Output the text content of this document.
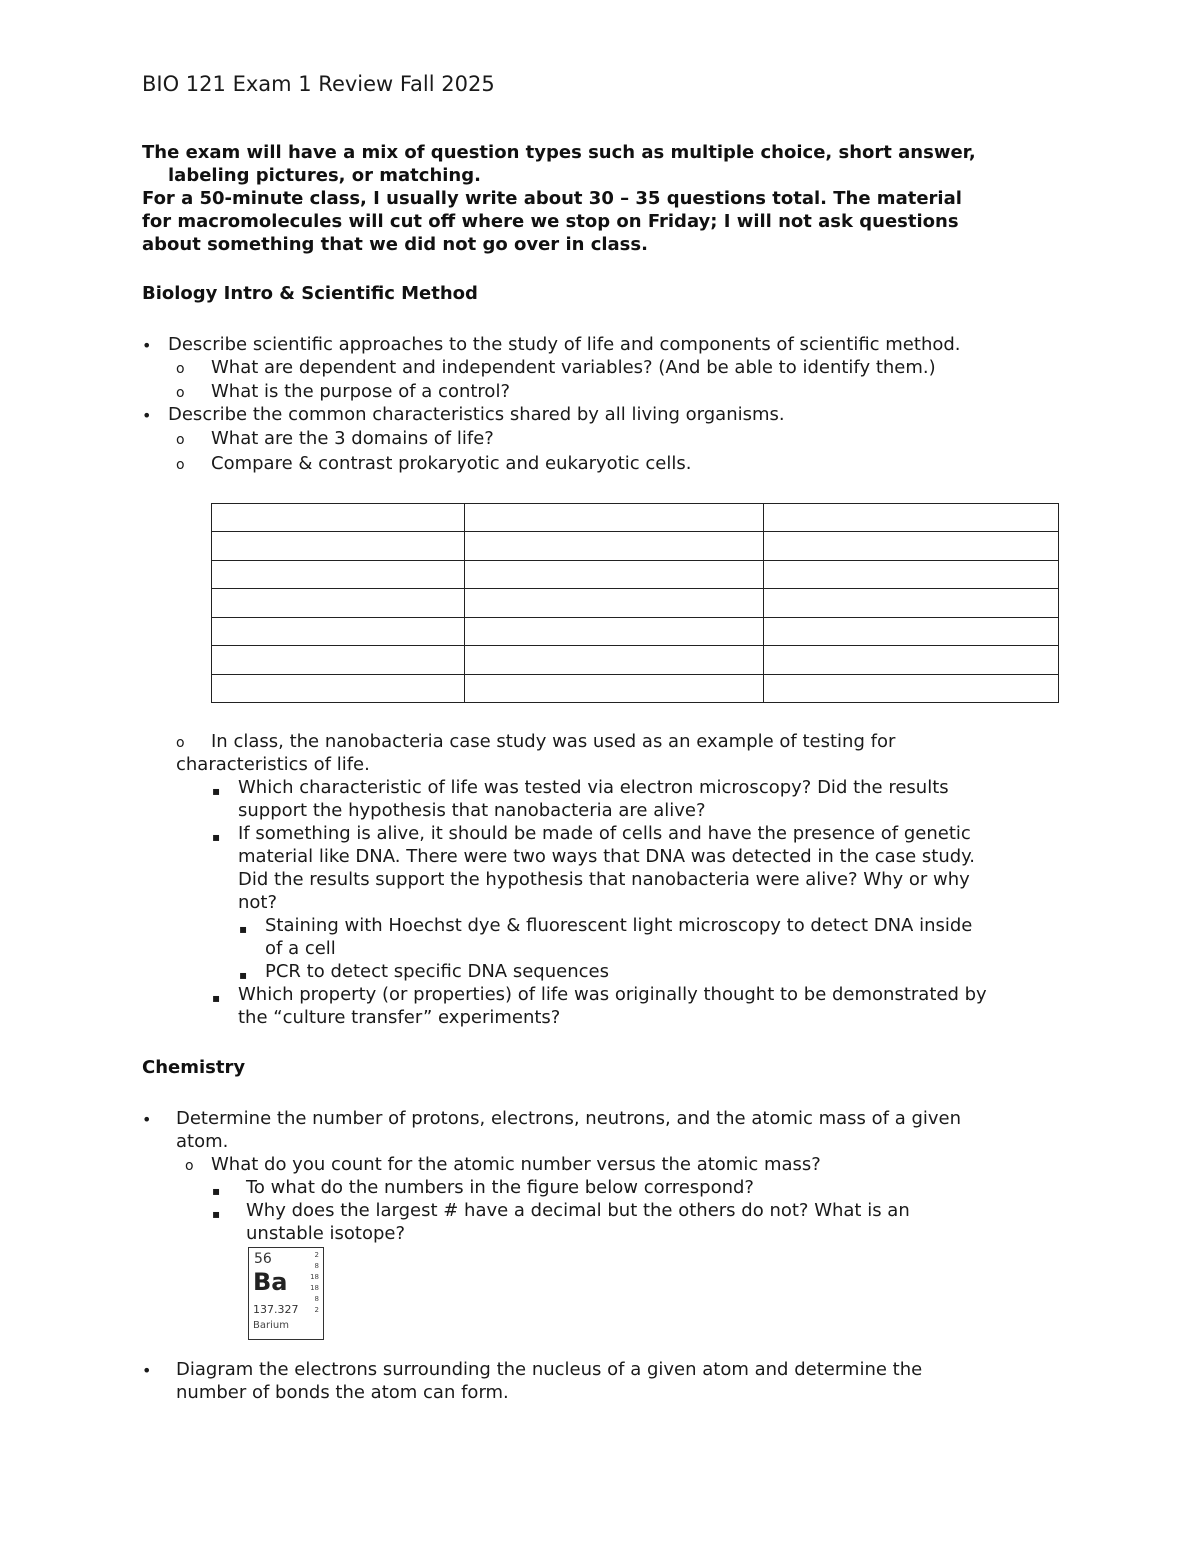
BIO 121 Exam 1 Review Fall 2025
The exam will have a mix of question types such as multiple choice, short answer,
labeling pictures, or matching.
For a 50-minute class, I usually write about 30 – 35 questions total. The material
for macromolecules will cut off where we stop on Friday; I will not ask questions
about something that we did not go over in class.
Biology Intro & Scientific Method
• Describe scientific approaches to the study of life and components of scientific method.
o What are dependent and independent variables? (And be able to identify them.)
o What is the purpose of a control?
• Describe the common characteristics shared by all living organisms.
o What are the 3 domains of life?
o Compare & contrast prokaryotic and eukaryotic cells.

o In class, the nanobacteria case study was used as an example of testing for
characteristics of life.
▪ Which characteristic of life was tested via electron microscopy? Did the results
support the hypothesis that nanobacteria are alive?
▪ If something is alive, it should be made of cells and have the presence of genetic
material like DNA. There were two ways that DNA was detected in the case study.
Did the results support the hypothesis that nanobacteria were alive? Why or why
not?
▪ Staining with Hoechst dye & fluorescent light microscopy to detect DNA inside
of a cell
▪ PCR to detect specific DNA sequences
▪ Which property (or properties) of life was originally thought to be demonstrated by
the “culture transfer” experiments?
Chemistry
• Determine the number of protons, electrons, neutrons, and the atomic mass of a given
atom.
o What do you count for the atomic number versus the atomic mass?
▪ To what do the numbers in the figure below correspond?
▪ Why does the largest # have a decimal but the others do not? What is an
unstable isotope?
56
Ba
137.327
Barium
2
8
18
18
8
2
• Diagram the electrons surrounding the nucleus of a given atom and determine the
number of bonds the atom can form.
